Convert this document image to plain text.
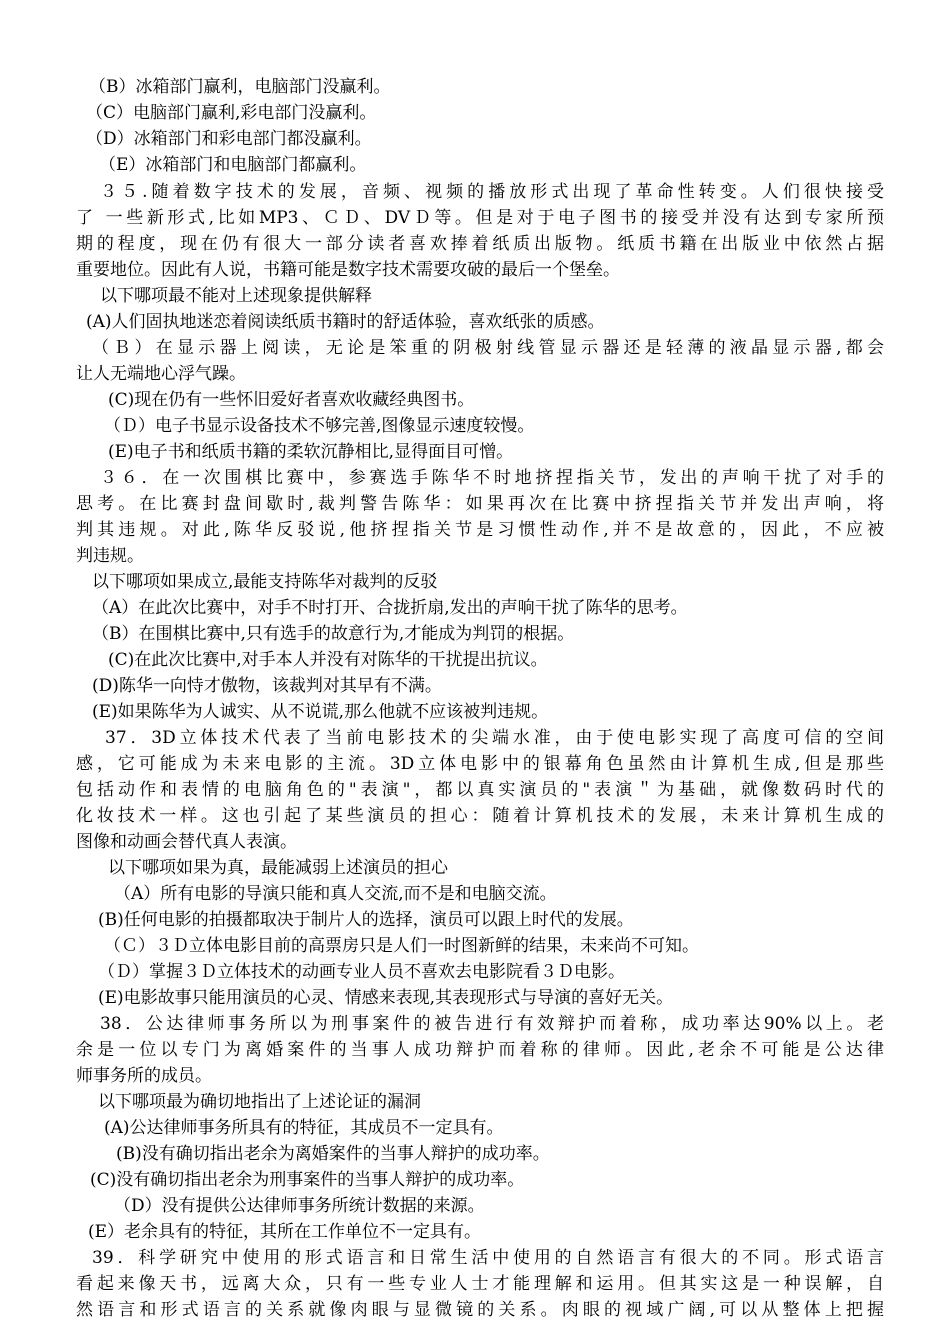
（B）冰箱部门赢利，电脑部门没赢利。
（C）电脑部门赢利,彩电部门没赢利。
（D）冰箱部门和彩电部门都没赢利。
（E）冰箱部门和电脑部门都赢利。
３５.随着数字技术的发展，音频、视频的播放形式出现了革命性转变。人们很快接受
了 一些新形式,比如MP3、ＣＤ、DVＤ等。但是对于电子图书的接受并没有达到专家所预
期的程度，现在仍有很大一部分读者喜欢捧着纸质出版物。纸质书籍在出版业中依然占据
重要地位。因此有人说，书籍可能是数字技术需要攻破的最后一个堡垒。
以下哪项最不能对上述现象提供解释
(A)人们固执地迷恋着阅读纸质书籍时的舒适体验，喜欢纸张的质感。
（Ｂ）在显示器上阅读，无论是笨重的阴极射线管显示器还是轻薄的液晶显示器,都会
让人无端地心浮气躁。
(C)现在仍有一些怀旧爱好者喜欢收藏经典图书。
（Ｄ）电子书显示设备技术不够完善,图像显示速度较慢。
(E)电子书和纸质书籍的柔软沉静相比,显得面目可憎。
３６．在一次围棋比赛中，参赛选手陈华不时地挤捏指关节，发出的声响干扰了对手的
思考。在比赛封盘间歇时,裁判警告陈华：如果再次在比赛中挤捏指关节并发出声响，将
判其违规。对此,陈华反驳说,他挤捏指关节是习惯性动作,并不是故意的，因此，不应被
判违规。
以下哪项如果成立,最能支持陈华对裁判的反驳
（A）在此次比赛中，对手不时打开、合拢折扇,发出的声响干扰了陈华的思考。
（B）在围棋比赛中,只有选手的故意行为,才能成为判罚的根据。
(C)在此次比赛中,对手本人并没有对陈华的干扰提出抗议。
(D)陈华一向恃才傲物，该裁判对其早有不满。
(E)如果陈华为人诚实、从不说谎,那么他就不应该被判违规。
37．3D立体技术代表了当前电影技术的尖端水准，由于使电影实现了高度可信的空间
感，它可能成为未来电影的主流。3D立体电影中的银幕角色虽然由计算机生成,但是那些
包括动作和表情的电脑角色的"表演"，都以真实演员的"表演＂为基础，就像数码时代的
化妆技术一样。这也引起了某些演员的担心：随着计算机技术的发展，未来计算机生成的
图像和动画会替代真人表演。
以下哪项如果为真，最能减弱上述演员的担心
（A）所有电影的导演只能和真人交流,而不是和电脑交流。
(B)任何电影的拍摄都取决于制片人的选择，演员可以跟上时代的发展。
（Ｃ）３Ｄ立体电影目前的高票房只是人们一时图新鲜的结果，未来尚不可知。
（Ｄ）掌握３Ｄ立体技术的动画专业人员不喜欢去电影院看３Ｄ电影。
(E)电影故事只能用演员的心灵、情感来表现,其表现形式与导演的喜好无关。
38．公达律师事务所以为刑事案件的被告进行有效辩护而着称，成功率达90%以上。老
余是一位以专门为离婚案件的当事人成功辩护而着称的律师。因此,老余不可能是公达律
师事务所的成员。
以下哪项最为确切地指出了上述论证的漏洞
(A)公达律师事务所具有的特征，其成员不一定具有。
(B)没有确切指出老余为离婚案件的当事人辩护的成功率。
(C)没有确切指出老余为刑事案件的当事人辩护的成功率。
（D）没有提供公达律师事务所统计数据的来源。
(E）老余具有的特征，其所在工作单位不一定具有。
39．科学研究中使用的形式语言和日常生活中使用的自然语言有很大的不同。形式语言
看起来像天书，远离大众，只有一些专业人士才能理解和运用。但其实这是一种误解，自
然语言和形式语言的关系就像肉眼与显微镜的关系。肉眼的视域广阔,可以从整体上把握
